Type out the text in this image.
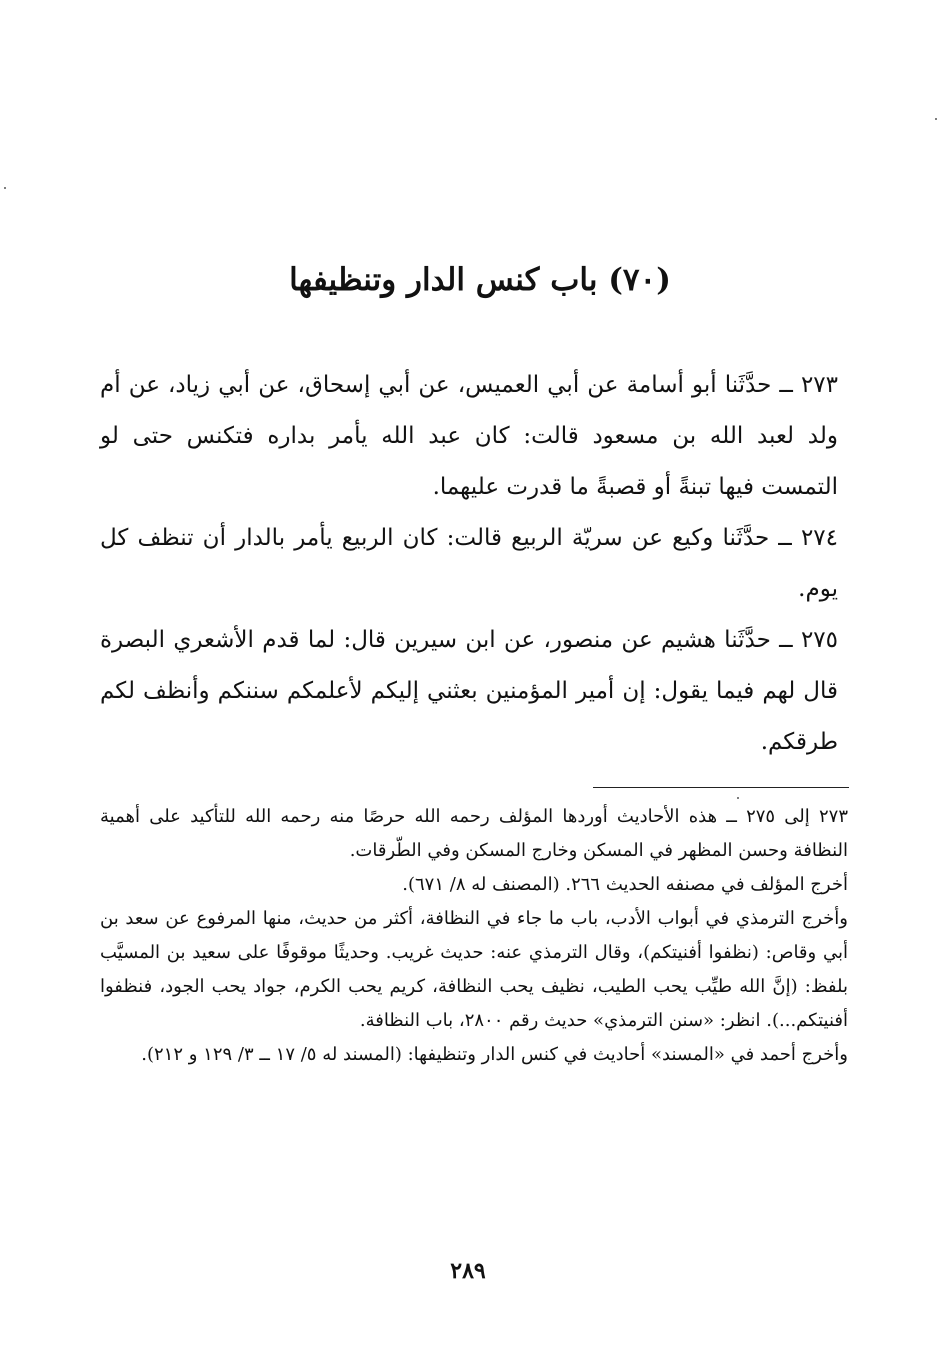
(٧٠) باب كنس الدار وتنظيفها

٢٧٣ ــ حدَّثَنا أبو أسامة عن أبي العميس، عن أبي إسحاق، عن أبي زياد، عن أم ولد لعبد الله بن مسعود قالت: كان عبد الله يأمر بداره فتكنس حتى لو التمست فيها تبنةً أو قصبةً ما قدرت عليهما.

٢٧٤ ــ حدَّثَنا وكيع عن سريّة الربيع قالت: كان الربيع يأمر بالدار أن تنظف كل يوم.

٢٧٥ ــ حدَّثَنا هشيم عن منصور، عن ابن سيرين قال: لما قدم الأشعري البصرة قال لهم فيما يقول: إن أمير المؤمنين بعثني إليكم لأعلمكم سننكم وأنظف لكم طرقكم.

٢٧٣ إلى ٢٧٥ ــ هذه الأحاديث أوردها المؤلف رحمه الله حرصًا منه رحمه الله للتأكيد على أهمية النظافة وحسن المظهر في المسكن وخارج المسكن وفي الطّرقات.

أخرج المؤلف في مصنفه الحديث ٢٦٦. (المصنف له ٨/ ٦٧١).

وأخرج الترمذي في أبواب الأدب، باب ما جاء في النظافة، أكثر من حديث، منها المرفوع عن سعد بن أبي وقاص: (نظفوا أفنيتكم)، وقال الترمذي عنه: حديث غريب. وحديثًا موقوفًا على سعيد بن المسيَّب بلفظ: (إنَّ الله طيِّب يحب الطيب، نظيف يحب النظافة، كريم يحب الكرم، جواد يحب الجود، فنظفوا أفنيتكم...). انظر: «سنن الترمذي» حديث رقم ٢٨٠٠، باب النظافة.

وأخرج أحمد في «المسند» أحاديث في كنس الدار وتنظيفها: (المسند له ٥/ ١٧ ــ ٣/ ١٢٩ و ٢١٢).

٢٨٩
